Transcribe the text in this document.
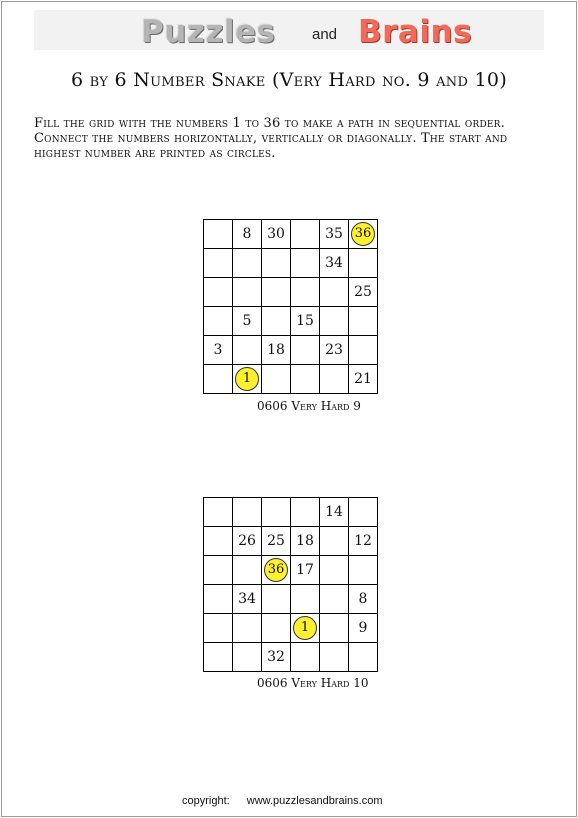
Puzzles and Brains
6 by 6 Number Snake (Very Hard no. 9 and 10)
Fill the grid with the numbers 1 to 36 to make a path in sequential order. Connect the numbers horizontally, vertically or diagonally. The start and highest number are printed as circles.
	8	30		35	36
				34	
					25
	5		15		
3		18		23	
	1				21
0606 Very Hard 9
				14	
	26	25	18		12
		36	17		
	34				8
			1		9
		32			
0606 Very Hard 10
copyright: www.puzzlesandbrains.com
